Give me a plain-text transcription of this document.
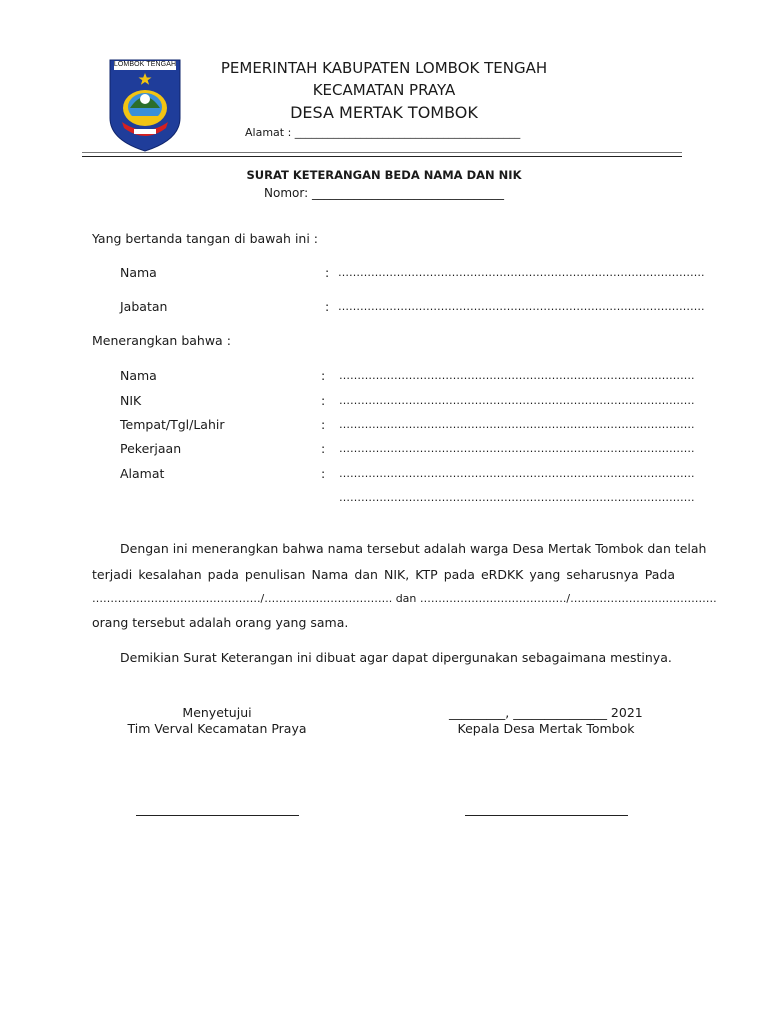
LOMBOK TENGAH	PEMERINTAH KABUPATEN LOMBOK TENGAH
KECAMATAN PRAYA
DESA MERTAK TOMBOK
Alamat : _________________________________________
SURAT KETERANGAN BEDA NAMA DAN NIK
Nomor: ________________________________
Yang bertanda tangan di bawah ini :
Nama	: ……………………………………………………………………………………….
Jabatan	: ……………………………………………………………………………………….
Menerangkan bahwa :
Nama	: …………………………………………………………………………………….
NIK	: …………………………………………………………………………………….
Tempat/Tgl/Lahir	: …………………………………………………………………………………….
Pekerjaan	: …………………………………………………………………………………….
Alamat	: …………………………………………………………………………………….
…………………………………………………………………………………….
Dengan ini menerangkan bahwa nama tersebut adalah warga Desa Mertak Tombok dan telah
terjadi kesalahan pada penulisan Nama dan NIK, KTP pada eRDKK yang seharusnya Pada
………………………………………./…………………………….. dan …………………………………./………………………………….
orang tersebut adalah orang yang sama.
Demikian Surat Keterangan ini dibuat agar dapat dipergunakan sebagaimana mestinya.
Menyetujui
Tim Verval Kecamatan Praya
_________, _______________ 2021
Kepala Desa Mertak Tombok
